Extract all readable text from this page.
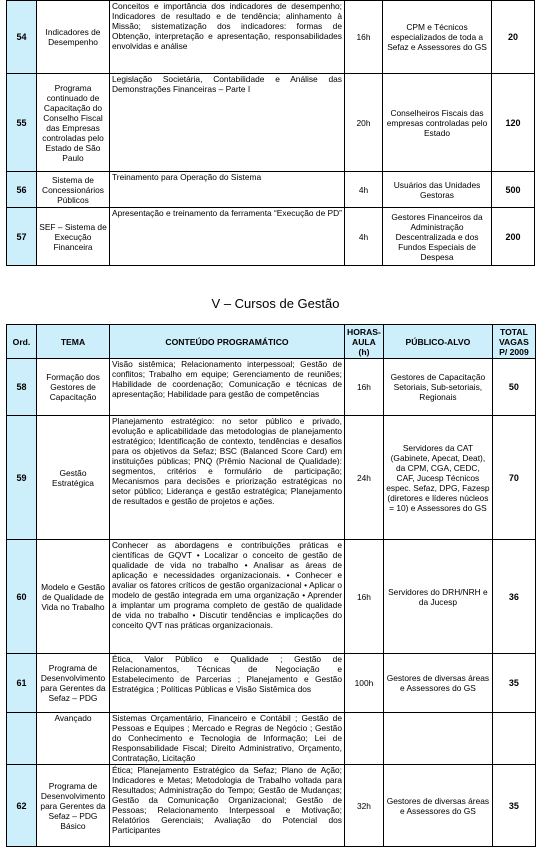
54	Indicadores de Desempenho	Conceitos e importância dos indicadores de desempenho; Indicadores de resultado e de tendência; alinhamento à Missão; sistematização dos indicadores: formas de Obtenção, interpretação e apresentação, responsabilidades envolvidas e análise	16h	CPM e Técnicos especializados de toda a Sefaz e Assessores do GS	20
55	Programa continuado de Capacitação do Conselho Fiscal das Empresas controladas pelo Estado de São Paulo	Legislação Societária, Contabilidade e Análise das Demonstrações Financeiras – Parte I	20h	Conselheiros Fiscais das empresas controladas pelo Estado	120
56	Sistema de Concessionários Públicos	Treinamento para Operação do Sistema	4h	Usuários das Unidades Gestoras	500
57	SEF – Sistema de Execução Financeira	Apresentação e treinamento da ferramenta “Execução de PD”	4h	Gestores Financeiros da Administração Descentralizada e dos Fundos Especiais de Despesa	200
V – Cursos de Gestão
Ord.	TEMA	CONTEÚDO PROGRAMÁTICO	HORAS-AULA (h)	PÚBLICO-ALVO	TOTAL VAGAS P/ 2009
58	Formação dos Gestores de Capacitação	Visão sistêmica; Relacionamento interpessoal; Gestão de conflitos; Trabalho em equipe; Gerenciamento de reuniões; Habilidade de coordenação; Comunicação e técnicas de apresentação; Habilidade para gestão de competências	16h	Gestores de Capacitação Setoriais, Sub-setoriais, Regionais	50
59	Gestão Estratégica	Planejamento estratégico: no setor público e privado, evolução e aplicabilidade das metodologias de planejamento estratégico; Identificação de contexto, tendências e desafios para os objetivos da Sefaz; BSC (Balanced Score Card) em instituições públicas; PNQ (Prêmio Nacional de Qualidade): segmentos, critérios e formulário de participação; Mecanismos para decisões e priorização estratégicas no setor público; Liderança e gestão estratégica; Planejamento de resultados e gestão de projetos e ações.	24h	Servidores da CAT (Gabinete, Apecat, Deat), da CPM, CGA, CEDC, CAF, Jucesp Técnicos espec. Sefaz, DPG, Fazesp (diretores e líderes núcleos = 10) e Assessores do GS	70
60	Modelo e Gestão de Qualidade de Vida no Trabalho	Conhecer as abordagens e contribuições práticas e científicas de GQVT • Localizar o conceito de gestão de qualidade de vida no trabalho • Analisar as áreas de aplicação e necessidades organizacionais. • Conhecer e avaliar os fatores críticos de gestão organizacional • Aplicar o modelo de gestão integrada em uma organização • Aprender a implantar um programa completo de gestão de qualidade de vida no trabalho • Discutir tendências e implicações do conceito QVT nas práticas organizacionais.	16h	Servidores do DRH/NRH e da Jucesp	36
61	Programa de Desenvolvimento para Gerentes da Sefaz – PDG	Ética, Valor Público e Qualidade ; Gestão de Relacionamentos, Técnicas de Negociação e Estabelecimento de Parcerias ; Planejamento e Gestão Estratégica ; Políticas Públicas e Visão Sistêmica dos	100h	Gestores de diversas áreas e Assessores do GS	35
	Avançado	Sistemas Orçamentário, Financeiro e Contábil ; Gestão de Pessoas e Equipes ; Mercado e Regras de Negócio ; Gestão do Conhecimento e Tecnologia de Informação; Lei de Responsabilidade Fiscal; Direito Administrativo, Orçamento, Contratação, Licitação			
62	Programa de Desenvolvimento para Gerentes da Sefaz – PDG Básico	Ética; Planejamento Estratégico da Sefaz; Plano de Ação; Indicadores e Metas; Metodologia de Trabalho voltada para Resultados; Administração do Tempo; Gestão de Mudanças; Gestão da Comunicação Organizacional; Gestão de Pessoas; Relacionamento Interpessoal e Motivação; Relatórios Gerenciais; Avaliação do Potencial dos Participantes	32h	Gestores de diversas áreas e Assessores do GS	35
